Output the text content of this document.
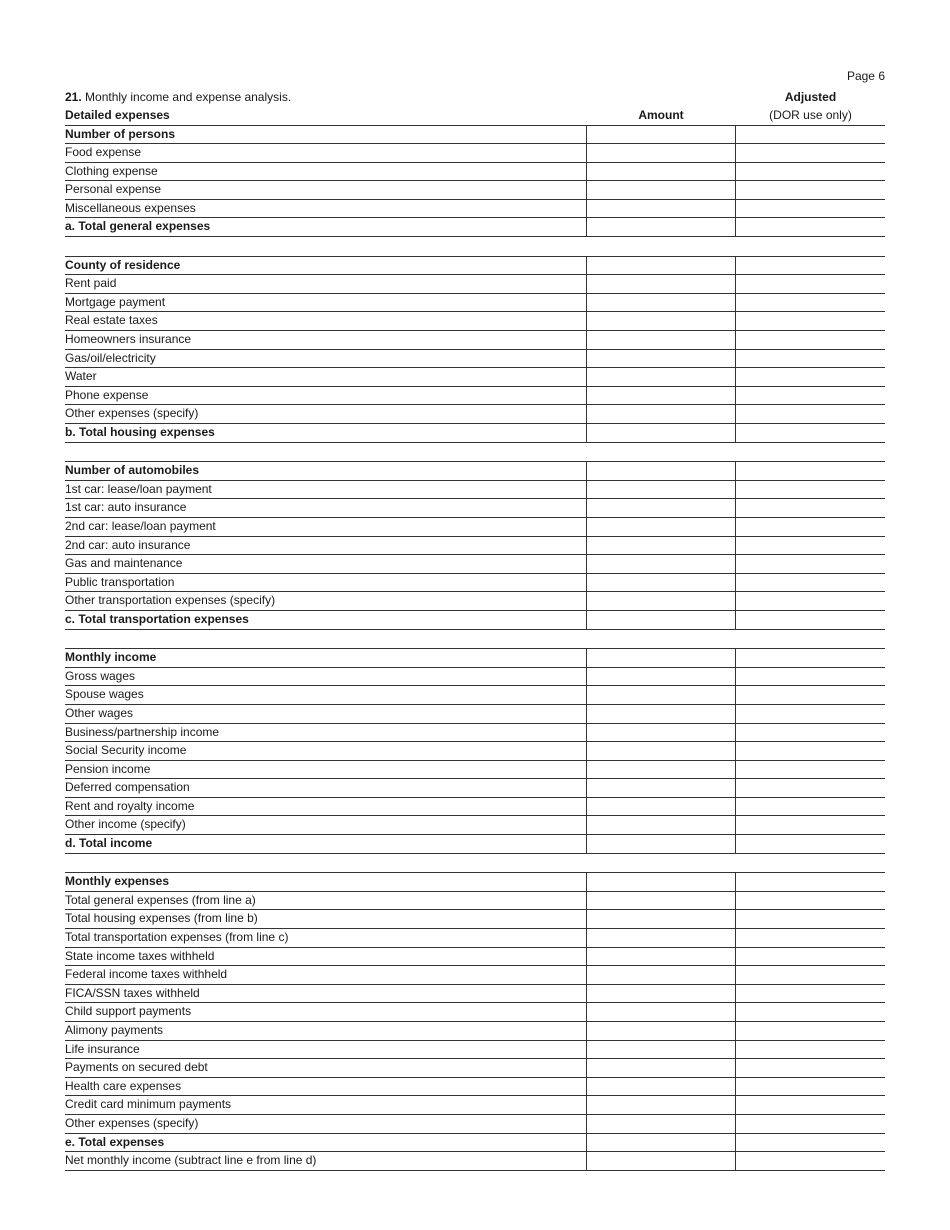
Page 6
21. Monthly income and expense analysis.
Detailed expenses	Amount
Adjusted
(DOR use only)
Number of persons
Food expense
Clothing expense
Personal expense
Miscellaneous expenses
a. Total general expenses
County of residence
Rent paid
Mortgage payment
Real estate taxes
Homeowners insurance
Gas/oil/electricity
Water
Phone expense
Other expenses (specify)
b. Total housing expenses
Number of automobiles
1st car: lease/loan payment
1st car: auto insurance
2nd car: lease/loan payment
2nd car: auto insurance
Gas and maintenance
Public transportation
Other transportation expenses (specify)
c. Total transportation expenses
Monthly income
Gross wages
Spouse wages
Other wages
Business/partnership income
Social Security income
Pension income
Deferred compensation
Rent and royalty income
Other income (specify)
d. Total income
Monthly expenses
Total general expenses (from line a)
Total housing expenses (from line b)
Total transportation expenses (from line c)
State income taxes withheld
Federal income taxes withheld
FICA/SSN taxes withheld
Child support payments
Alimony payments
Life insurance
Payments on secured debt
Health care expenses
Credit card minimum payments
Other expenses (specify)
e. Total expenses
Net monthly income (subtract line e from line d)
